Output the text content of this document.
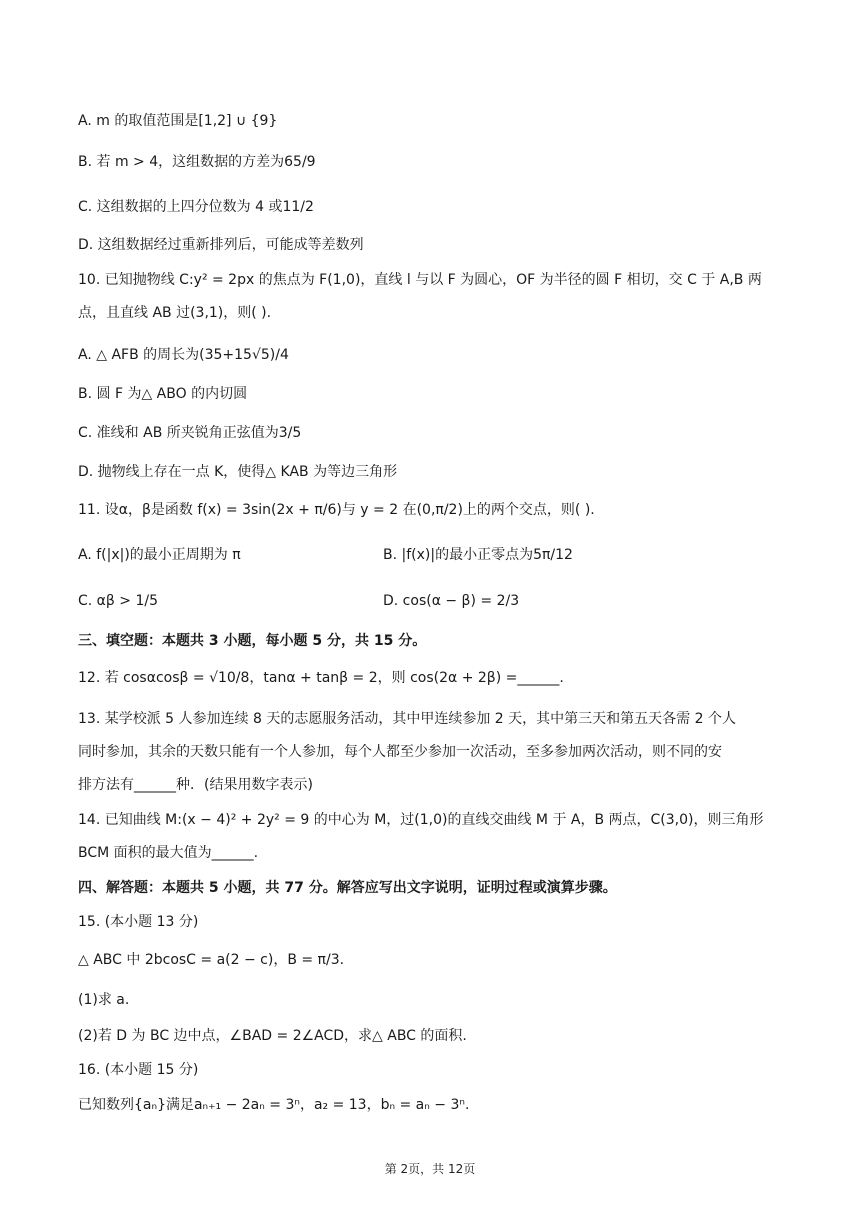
A. m 的取值范围是[1,2] ∪ {9}
B. 若 m > 4，这组数据的方差为65/9
C. 这组数据的上四分位数为 4 或11/2
D. 这组数据经过重新排列后，可能成等差数列
10. 已知抛物线 C:y² = 2px 的焦点为 F(1,0)，直线 l 与以 F 为圆心，OF 为半径的圆 F 相切，交 C 于 A,B 两
点，且直线 AB 过(3,1)，则( ).
A. △ AFB 的周长为(35+15√5)/4
B. 圆 F 为△ ABO 的内切圆
C. 准线和 AB 所夹锐角正弦值为3/5
D. 抛物线上存在一点 K，使得△ KAB 为等边三角形
11. 设α，β是函数 f(x) = 3sin(2x + π/6)与 y = 2 在(0,π/2)上的两个交点，则( ).
A. f(|x|)的最小正周期为 π	B. |f(x)|的最小正零点为5π/12
C. αβ > 1/5	D. cos(α − β) = 2/3
三、填空题：本题共 3 小题，每小题 5 分，共 15 分。
12. 若 cosαcosβ = √10/8，tanα + tanβ = 2，则 cos(2α + 2β) =______.
13. 某学校派 5 人参加连续 8 天的志愿服务活动，其中甲连续参加 2 天，其中第三天和第五天各需 2 个人
同时参加，其余的天数只能有一个人参加，每个人都至少参加一次活动，至多参加两次活动，则不同的安
排方法有______种．(结果用数字表示)
14. 已知曲线 M:(x − 4)² + 2y² = 9 的中心为 M，过(1,0)的直线交曲线 M 于 A，B 两点，C(3,0)，则三角形
BCM 面积的最大值为______.
四、解答题：本题共 5 小题，共 77 分。解答应写出文字说明，证明过程或演算步骤。
15. (本小题 13 分)
△ ABC 中 2bcosC = a(2 − c)，B = π/3.
(1)求 a.
(2)若 D 为 BC 边中点，∠BAD = 2∠ACD，求△ ABC 的面积.
16. (本小题 15 分)
已知数列{aₙ}满足aₙ₊₁ − 2aₙ = 3ⁿ，a₂ = 13，bₙ = aₙ − 3ⁿ.
第 2页，共 12页
